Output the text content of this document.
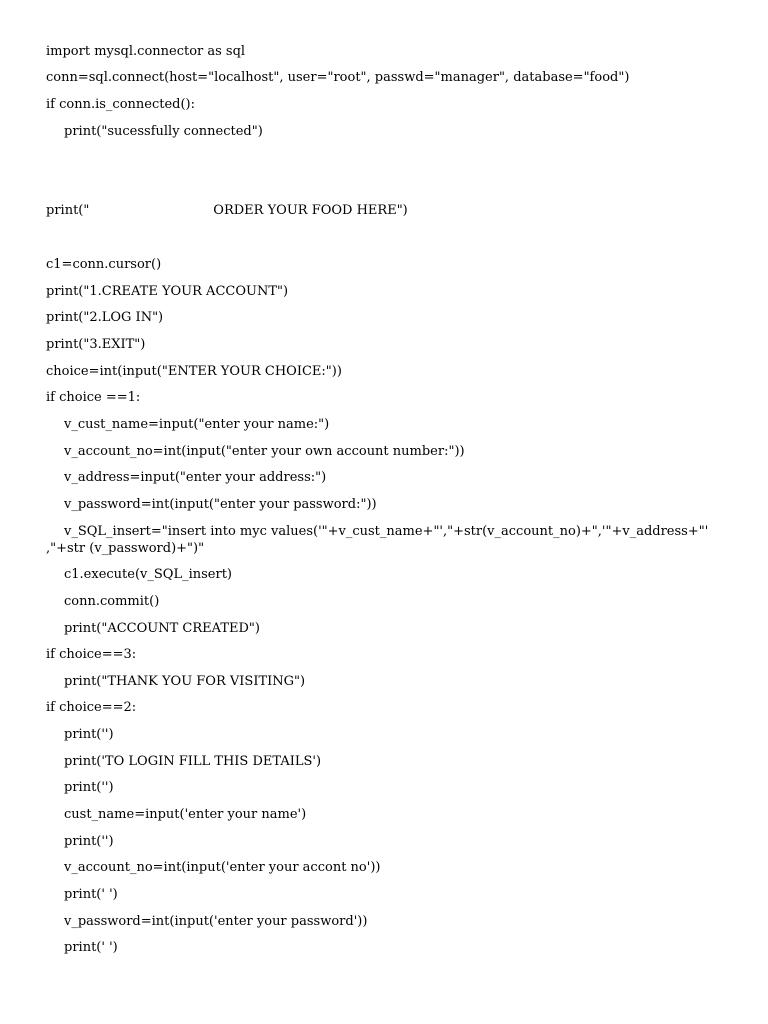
import mysql.connector as sql
conn=sql.connect(host="localhost", user="root", passwd="manager", database="food")
if conn.is_connected():
print("sucessfully connected")
print("                              ORDER YOUR FOOD HERE")
c1=conn.cursor()
print("1.CREATE YOUR ACCOUNT")
print("2.LOG IN")
print("3.EXIT")
choice=int(input("ENTER YOUR CHOICE:"))
if choice ==1:
v_cust_name=input("enter your name:")
v_account_no=int(input("enter your own account number:"))
v_address=input("enter your address:")
v_password=int(input("enter your password:"))
v_SQL_insert="insert into myc values('"+v_cust_name+"',"+str(v_account_no)+",'"+v_address+"'
,"+str (v_password)+")"
c1.execute(v_SQL_insert)
conn.commit()
print("ACCOUNT CREATED")
if choice==3:
print("THANK YOU FOR VISITING")
if choice==2:
print('')
print('TO LOGIN FILL THIS DETAILS')
print('')
cust_name=input('enter your name')
print('')
v_account_no=int(input('enter your accont no'))
print(' ')
v_password=int(input('enter your password'))
print(' ')
